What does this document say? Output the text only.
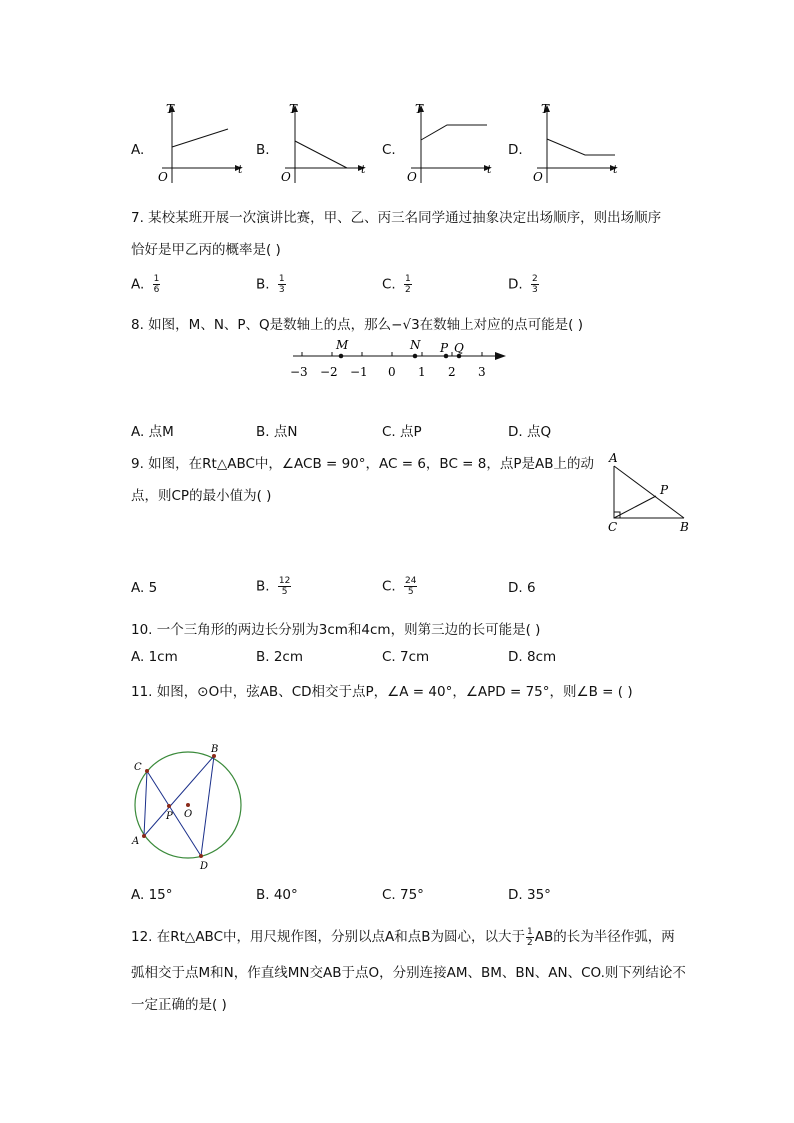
A.	B.	C.	D.
T
t
O
T
t
O
T
t
O
T
t
O
7. 某校某班开展一次演讲比赛，甲、乙、丙三名同学通过抽象决定出场顺序，则出场顺序
恰好是甲乙丙的概率是( )
A. $\frac{1}{6}$	B. $\frac{1}{3}$	C. $\frac{1}{2}$	D. $\frac{2}{3}$
8. 如图，M、N、P、Q是数轴上的点，那么−√3在数轴上对应的点可能是( )
−3 −2 −1 0 1 2 3
M	N P Q
A. 点M	B. 点N	C. 点P	D. 点Q
9. 如图，在Rt△ABC中，∠ACB = 90°，AC = 6，BC = 8，点P是AB上的动
点，则CP的最小值为( )
A
C	B
P
A. 5	B. $\frac{12}{5}$	C. $\frac{24}{5}$	D. 6
10. 一个三角形的两边长分别为3cm和4cm，则第三边的长可能是( )
A. 1cm	B. 2cm	C. 7cm	D. 8cm
11. 如图，⊙O中，弦AB、CD相交于点P，∠A = 40°，∠APD = 75°，则∠B = ( )
C
A
B
D
P O
A. 15°	B. 40°	C. 75°	D. 35°
12. 在Rt△ABC中，用尺规作图，分别以点A和点B为圆心，以大于 $\frac{1}{2}$ AB的长为半径作弧，两
弧相交于点M和N，作直线MN交AB于点O，分别连接AM、BM、BN、AN、CO.则下列结论不
一定正确的是( )
